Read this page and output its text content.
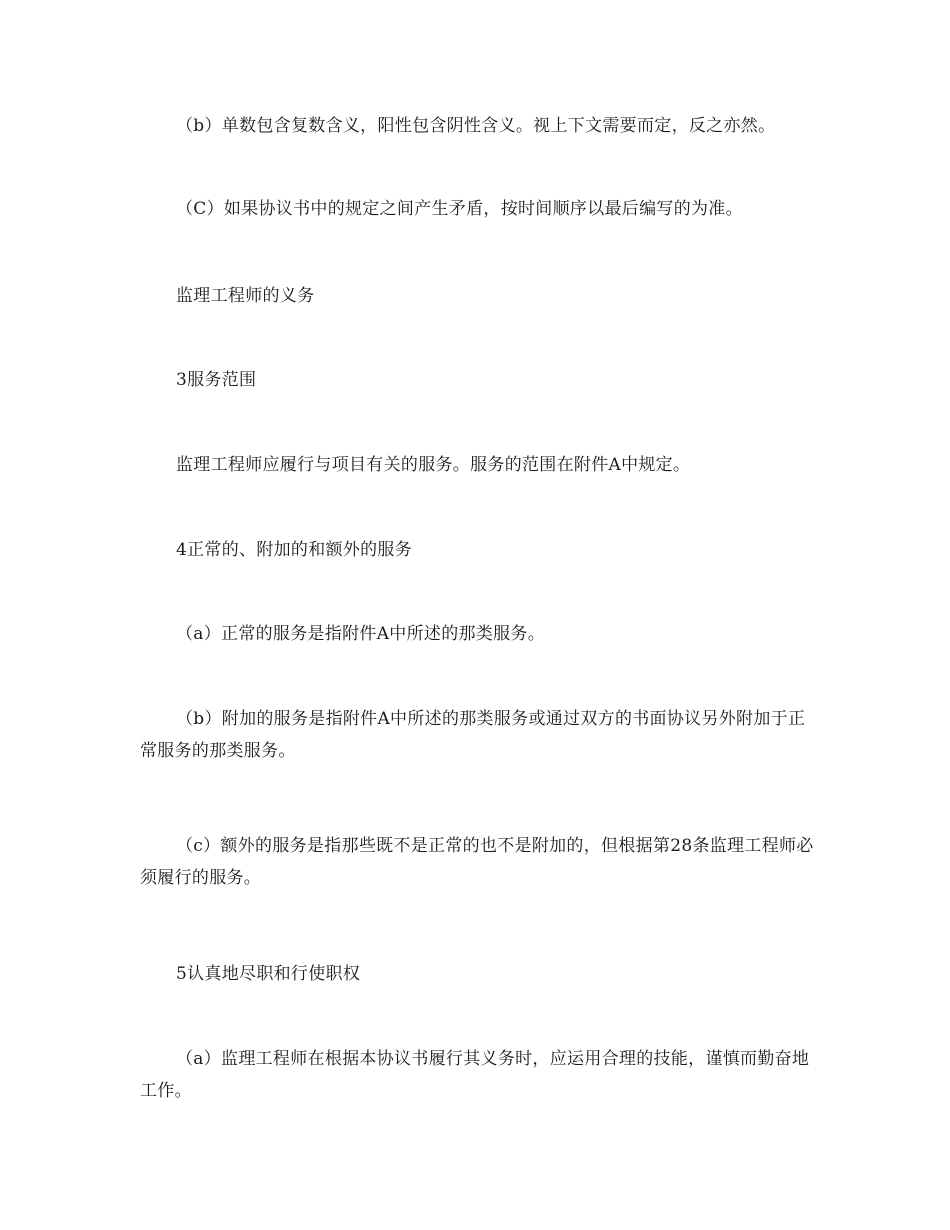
（b）单数包含复数含义，阳性包含阴性含义。视上下文需要而定，反之亦然。

（C）如果协议书中的规定之间产生矛盾，按时间顺序以最后编写的为准。

监理工程师的义务

3服务范围

监理工程师应履行与项目有关的服务。服务的范围在附件A中规定。

4正常的、附加的和额外的服务

（a）正常的服务是指附件A中所述的那类服务。

（b）附加的服务是指附件A中所述的那类服务或通过双方的书面协议另外附加于正常服务的那类服务。

（c）额外的服务是指那些既不是正常的也不是附加的，但根据第28条监理工程师必须履行的服务。

5认真地尽职和行使职权

（a）监理工程师在根据本协议书履行其义务时，应运用合理的技能，谨慎而勤奋地工作。
